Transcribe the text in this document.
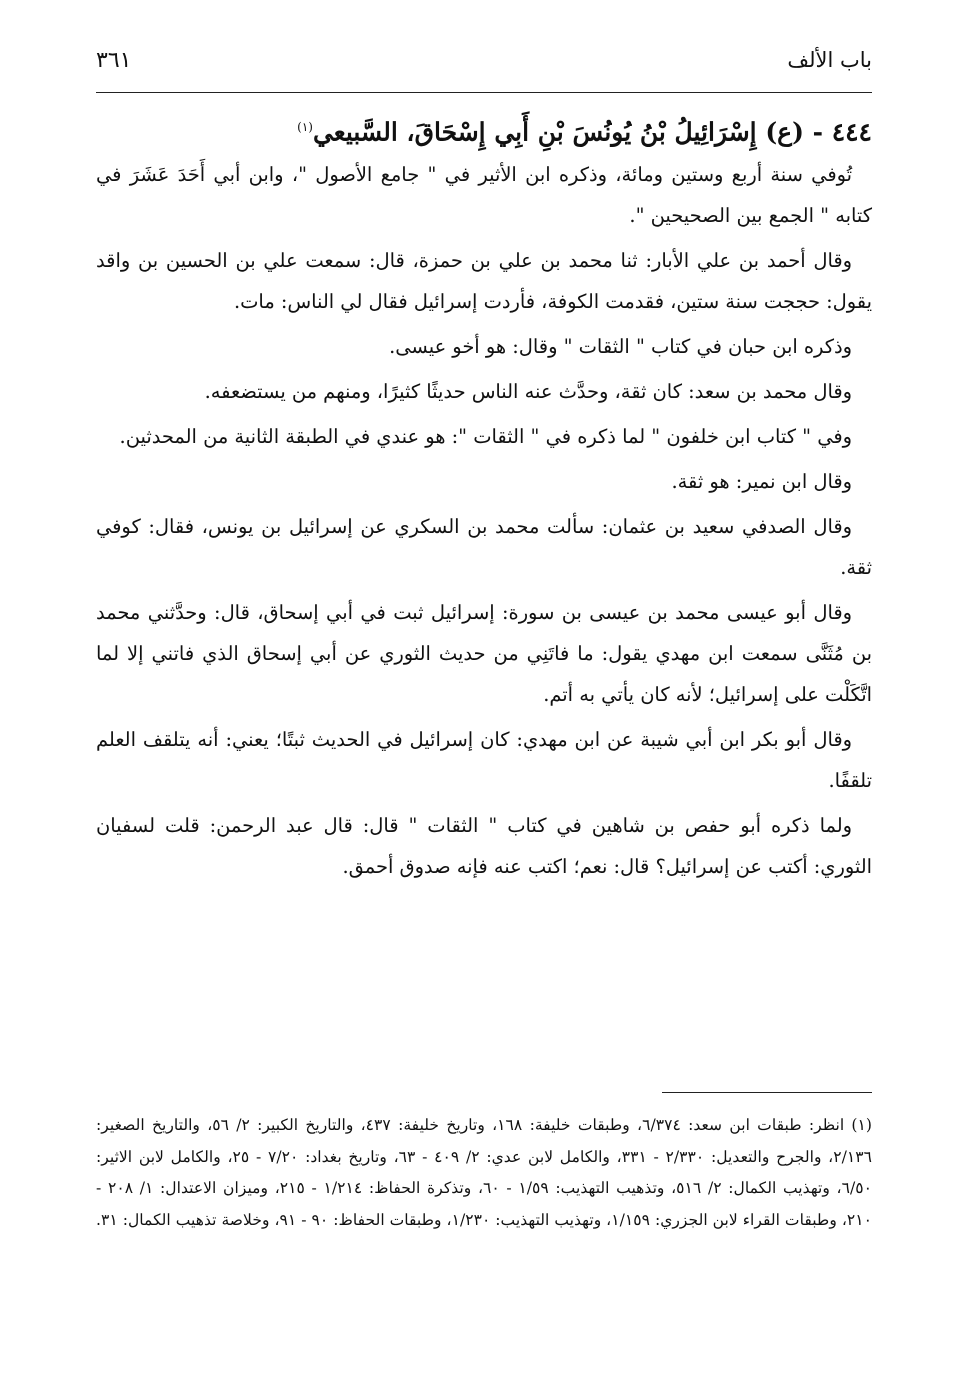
باب الألف
٣٦١
٤٤٤ - (ع) إِسْرَائِيلُ بْنُ يُونُسَ بْنِ أَبِي إِسْحَاقَ، السَّبيعي$^{(١)}$
تُوفي سنة أربع وستين ومائة، وذكره ابن الأثير في " جامع الأصول "، وابن أبي أَحَدَ عَشَرَ في كتابه " الجمع بين الصحيحين ".
وقال أحمد بن علي الأبار: ثنا محمد بن علي بن حمزة، قال: سمعت علي بن الحسين بن واقد يقول: حججت سنة ستين، فقدمت الكوفة، فأردت إسرائيل فقال لي الناس: مات.
وذكره ابن حبان في كتاب " الثقات " وقال: هو أخو عيسى.
وقال محمد بن سعد: كان ثقة، وحدَّث عنه الناس حديثًا كثيرًا، ومنهم من يستضعفه.
وفي " كتاب ابن خلفون " لما ذكره في " الثقات ": هو عندي في الطبقة الثانية من المحدثين.
وقال ابن نمير: هو ثقة.
وقال الصدفي سعيد بن عثمان: سألت محمد بن السكري عن إسرائيل بن يونس، فقال: كوفي ثقة.
وقال أبو عيسى محمد بن عيسى بن سورة: إسرائيل ثبت في أبي إسحاق، قال: وحدَّثني محمد بن مُثَنَّى سمعت ابن مهدي يقول: ما فاتَنِي من حديث الثوري عن أبي إسحاق الذي فاتني إلا لما اتَّكَلْت على إسرائيل؛ لأنه كان يأتي به أتم.
وقال أبو بكر ابن أبي شيبة عن ابن مهدي: كان إسرائيل في الحديث ثبتًا؛ يعني: أنه يتلقف العلم تلقفًا.
ولما ذكره أبو حفص بن شاهين في كتاب " الثقات " قال: قال عبد الرحمن: قلت لسفيان الثوري: أكتب عن إسرائيل؟ قال: نعم؛ اكتب عنه فإنه صدوق أحمق.
(١) انظر: طبقات ابن سعد: ٦/٣٧٤، وطبقات خليفة: ١٦٨، وتاريخ خليفة: ٤٣٧، والتاريخ الكبير: ٢/ ٥٦، والتاريخ الصغير: ٢/١٣٦، والجرح والتعديل: ٢/٣٣٠ - ٣٣١، والكامل لابن عدي: ٢/ ٤٠٩ - ٦٣، وتاريخ بغداد: ٧/٢٠ - ٢٥، والكامل لابن الاثير: ٦/٥٠، وتهذيب الكمال: ٢/ ٥١٦، وتذهيب التهذيب: ١/٥٩ - ٦٠، وتذكرة الحفاظ: ١/٢١٤ - ٢١٥، وميزان الاعتدال: ١/ ٢٠٨ - ٢١٠، وطبقات القراء لابن الجزري: ١/١٥٩، وتهذيب التهذيب: ١/٢٣٠، وطبقات الحفاظ: ٩٠ - ٩١، وخلاصة تذهيب الكمال: ٣١.
